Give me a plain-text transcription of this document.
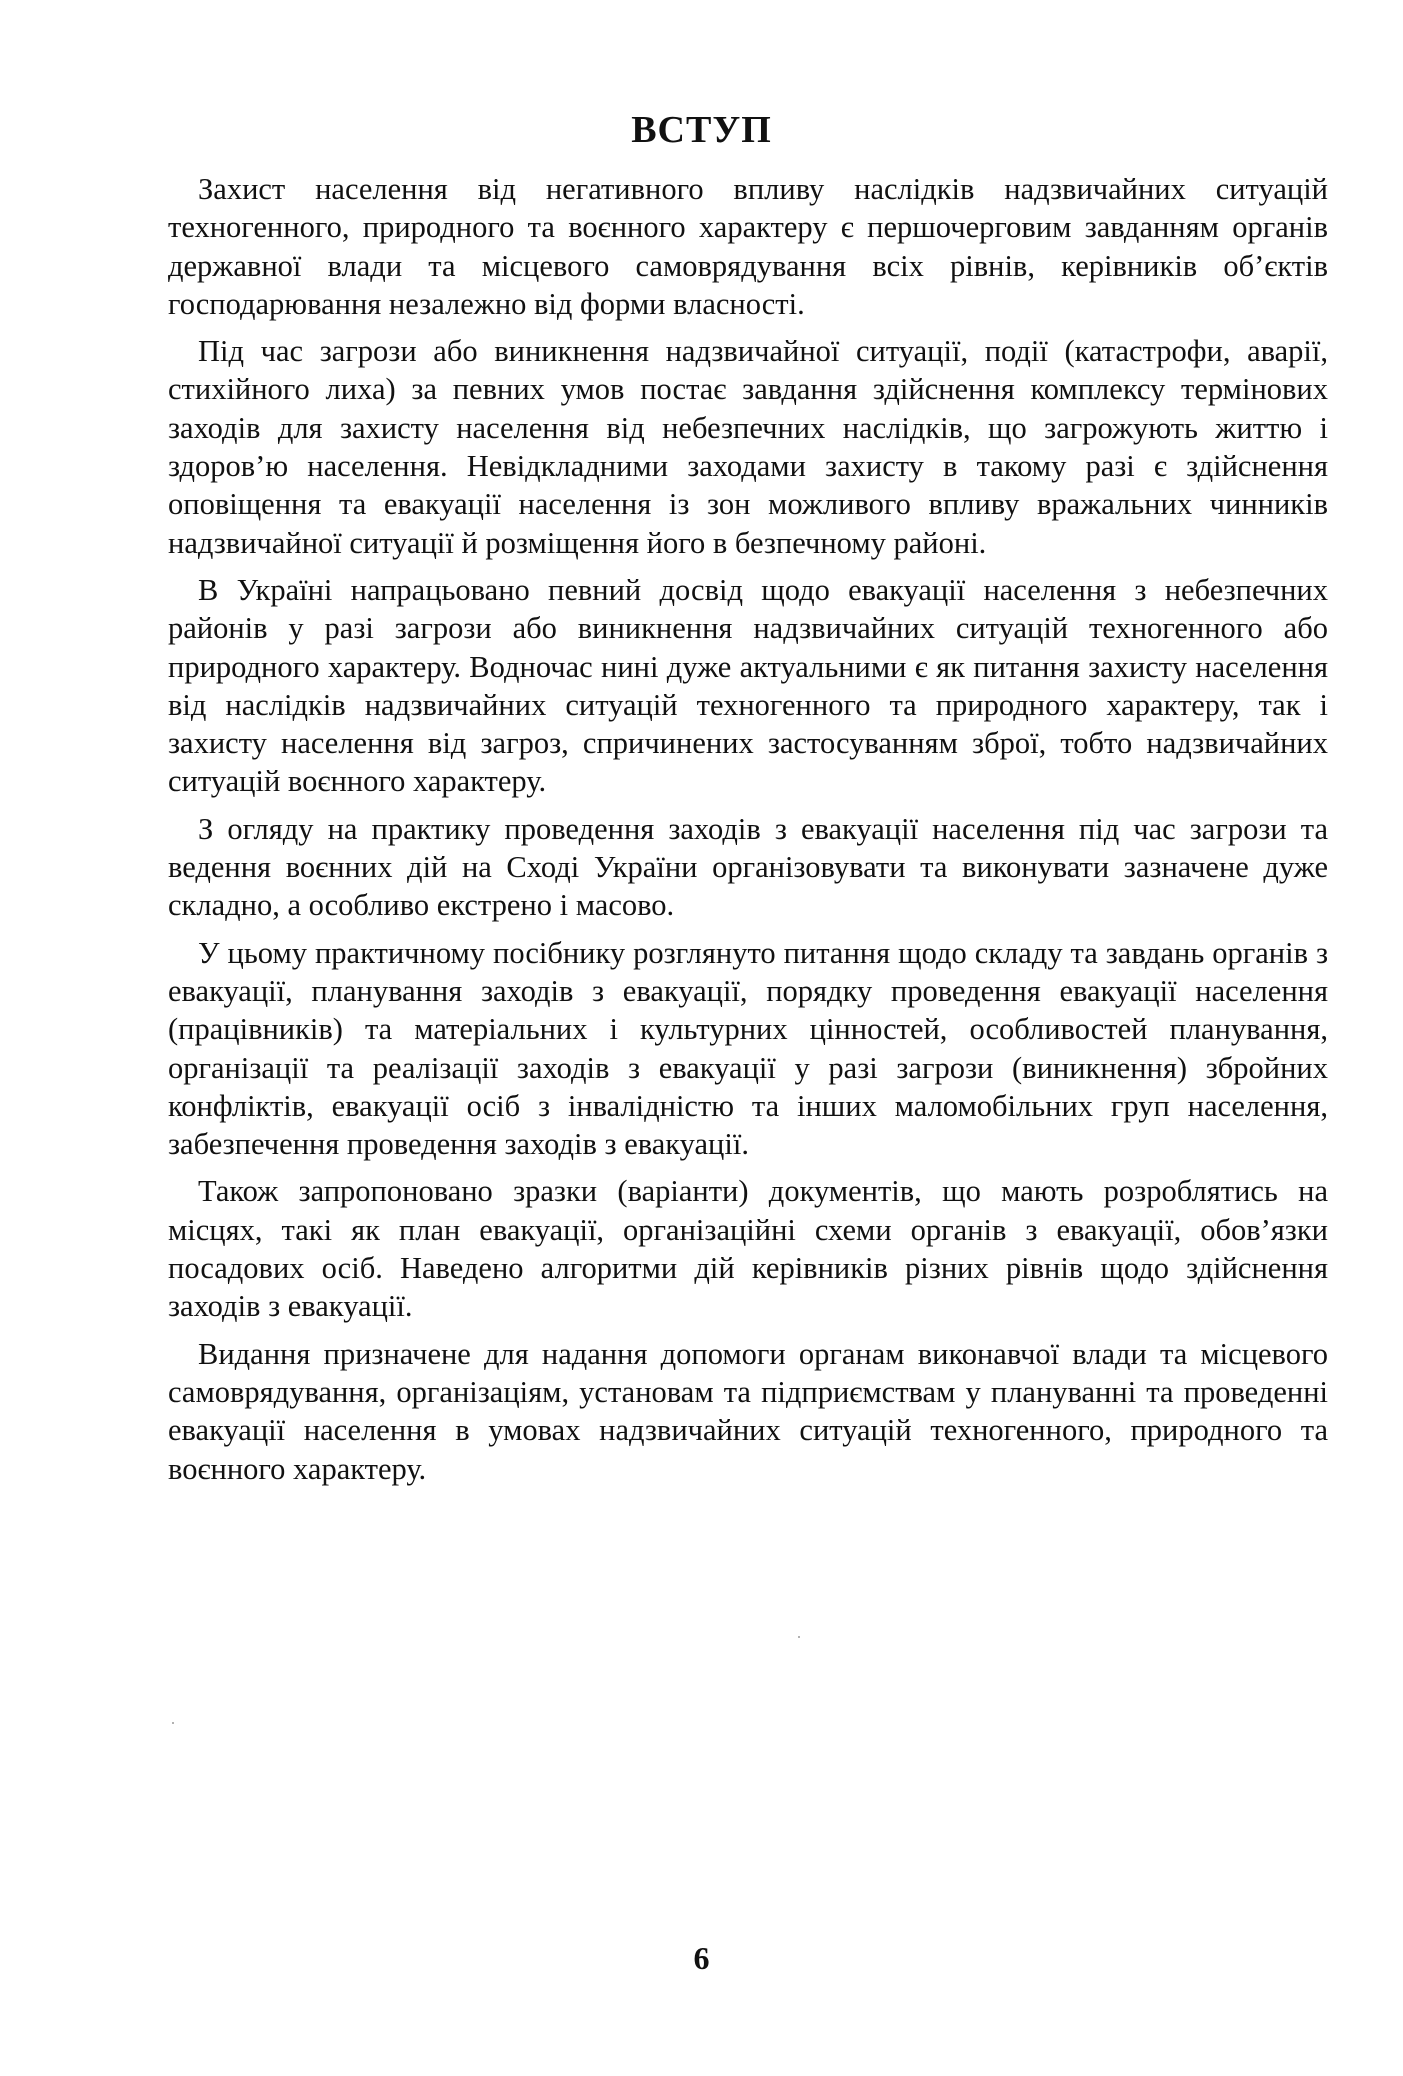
ВСТУП

Захист населення від негативного впливу наслідків надзвичайних ситуацій техногенного, природного та воєнного характеру є першочерговим завданням органів державної влади та місцевого самоврядування всіх рівнів, керівників об’єктів господарювання незалежно від форми власності.

Під час загрози або виникнення надзвичайної ситуації, події (катастрофи, аварії, стихійного лиха) за певних умов постає завдання здійснення комплексу термінових заходів для захисту населення від небезпечних наслідків, що загрожують життю і здоров’ю населення. Невідкладними заходами захисту в такому разі є здійснення оповіщення та евакуації населення із зон можливого впливу вражальних чинників надзвичайної ситуації й розміщення його в безпечному районі.

В Україні напрацьовано певний досвід щодо евакуації населення з небезпечних районів у разі загрози або виникнення надзвичайних ситуацій техногенного або природного характеру. Водночас нині дуже актуальними є як питання захисту населення від наслідків надзвичайних ситуацій техногенного та природного характеру, так і захисту населення від загроз, спричинених застосуванням зброї, тобто надзвичайних ситуацій воєнного характеру.

З огляду на практику проведення заходів з евакуації населення під час загрози та ведення воєнних дій на Сході України організовувати та виконувати зазначене дуже складно, а особливо екстрено і масово.

У цьому практичному посібнику розглянуто питання щодо складу та завдань органів з евакуації, планування заходів з евакуації, порядку проведення евакуації населення (працівників) та матеріальних і культурних цінностей, особливостей планування, організації та реалізації заходів з евакуації у разі загрози (виникнення) збройних конфліктів, евакуації осіб з інвалідністю та інших маломобільних груп населення, забезпечення проведення заходів з евакуації.

Також запропоновано зразки (варіанти) документів, що мають розроблятись на місцях, такі як план евакуації, організаційні схеми органів з евакуації, обов’язки посадових осіб. Наведено алгоритми дій керівників різних рівнів щодо здійснення заходів з евакуації.

Видання призначене для надання допомоги органам виконавчої влади та місцевого самоврядування, організаціям, установам та підприємствам у плануванні та проведенні евакуації населення в умовах надзвичайних ситуацій техногенного, природного та воєнного характеру.

6
